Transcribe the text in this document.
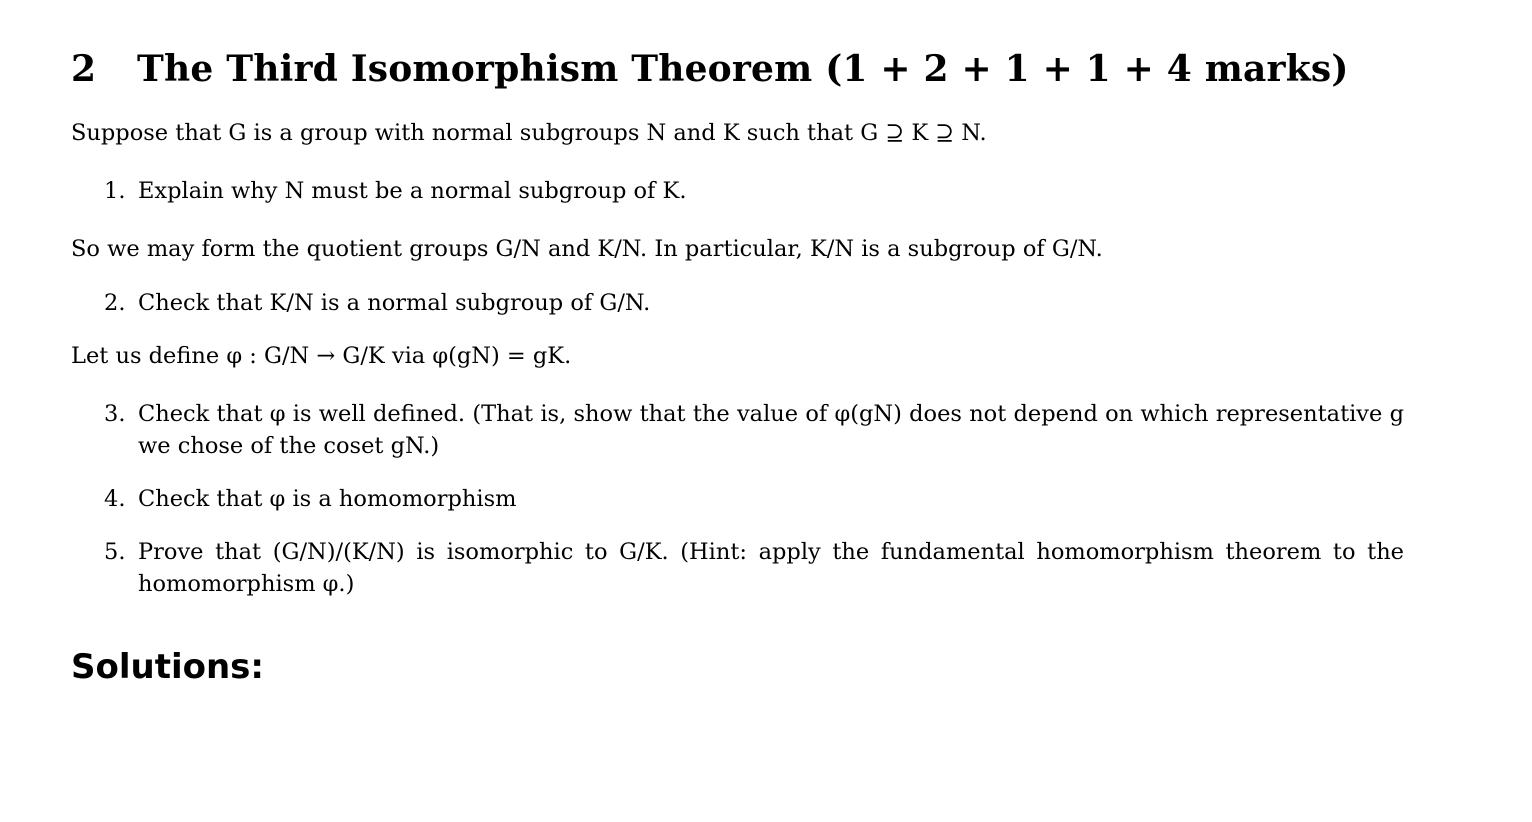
2 The Third Isomorphism Theorem (1 + 2 + 1 + 1 + 4 marks)
Suppose that G is a group with normal subgroups N and K such that G ⊇ K ⊇ N.
1. Explain why N must be a normal subgroup of K.
So we may form the quotient groups G/N and K/N. In particular, K/N is a subgroup of G/N.
2. Check that K/N is a normal subgroup of G/N.
Let us define φ : G/N → G/K via φ(gN) = gK.
3. Check that φ is well defined. (That is, show that the value of φ(gN) does not depend on which representative g we chose of the coset gN.)
4. Check that φ is a homomorphism
5. Prove that (G/N)/(K/N) is isomorphic to G/K. (Hint: apply the fundamental homomorphism theorem to the homomorphism φ.)
Solutions:
